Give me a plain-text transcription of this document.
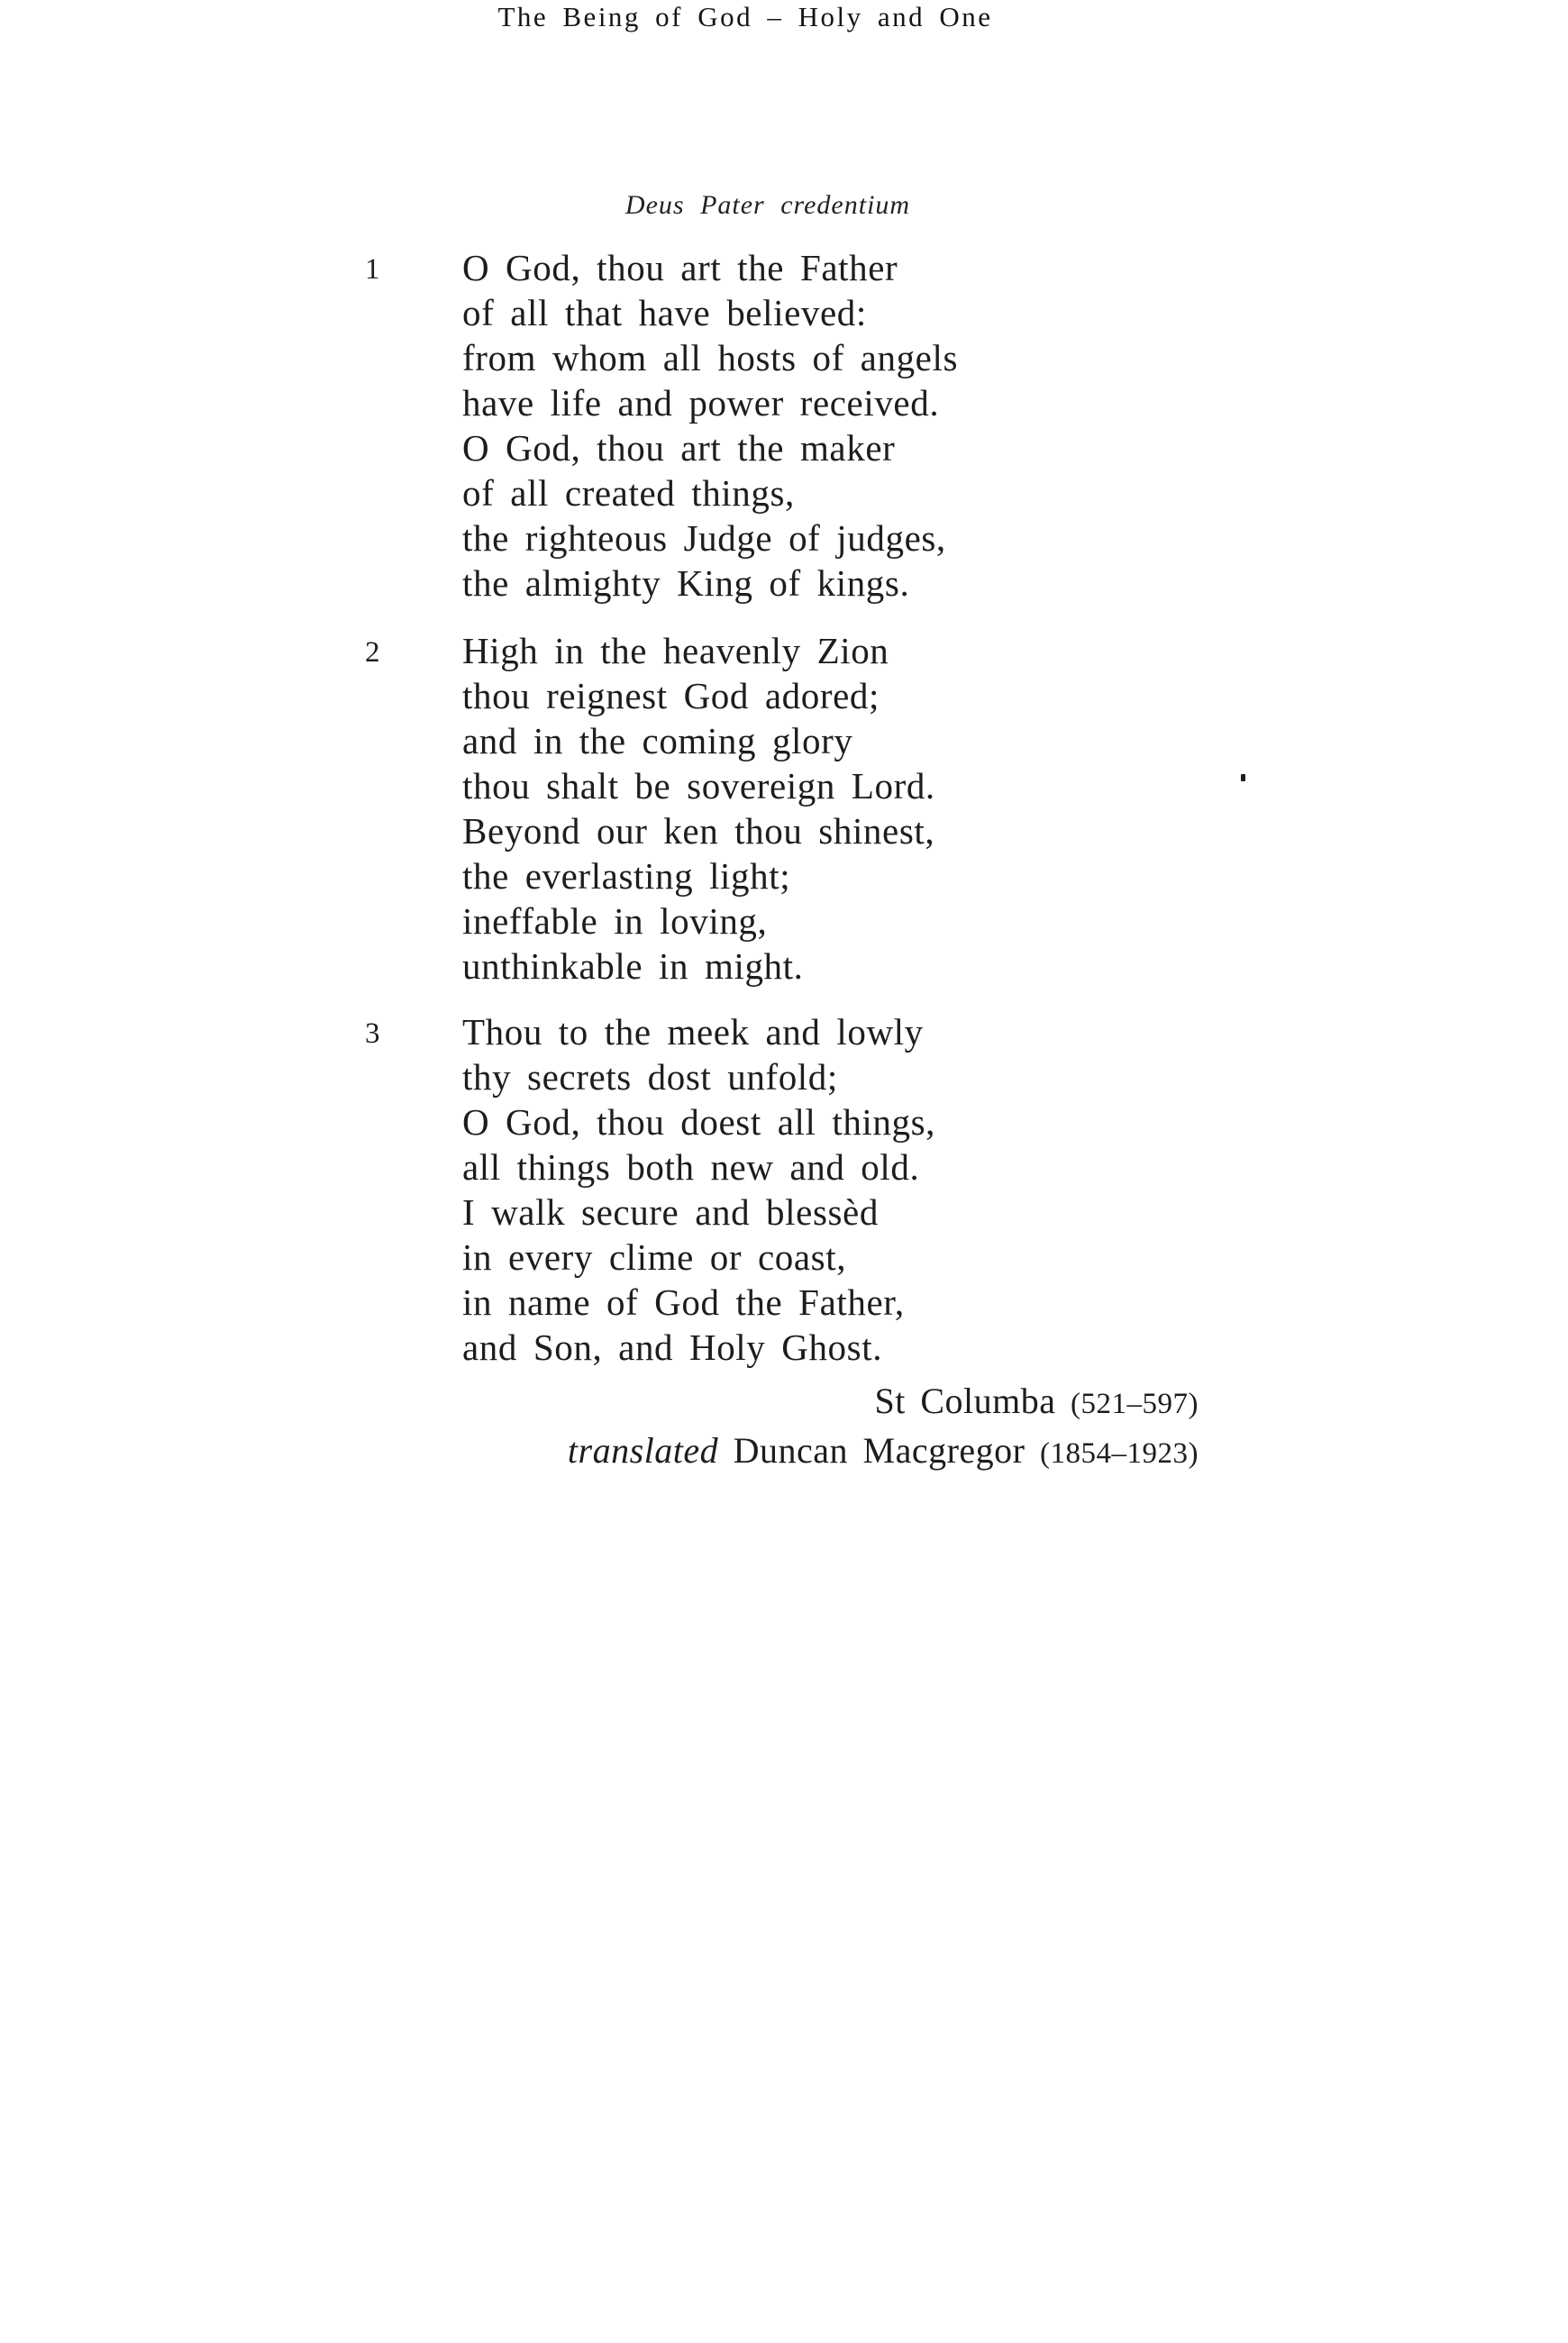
The Being of God – Holy and One
Deus Pater credentium
1 O God, thou art the Father

of all that have believed:

from whom all hosts of angels

have life and power received.

O God, thou art the maker

of all created things,

the righteous Judge of judges,

the almighty King of kings.

2 High in the heavenly Zion

thou reignest God adored;

and in the coming glory

thou shalt be sovereign Lord.

Beyond our ken thou shinest,

the everlasting light;

ineffable in loving,

unthinkable in might.

3 Thou to the meek and lowly

thy secrets dost unfold;

O God, thou doest all things,

all things both new and old.

I walk secure and blessèd

in every clime or coast,

in name of God the Father,

and Son, and Holy Ghost.

St Columba (521–597)

translated Duncan Macgregor (1854–1923)
